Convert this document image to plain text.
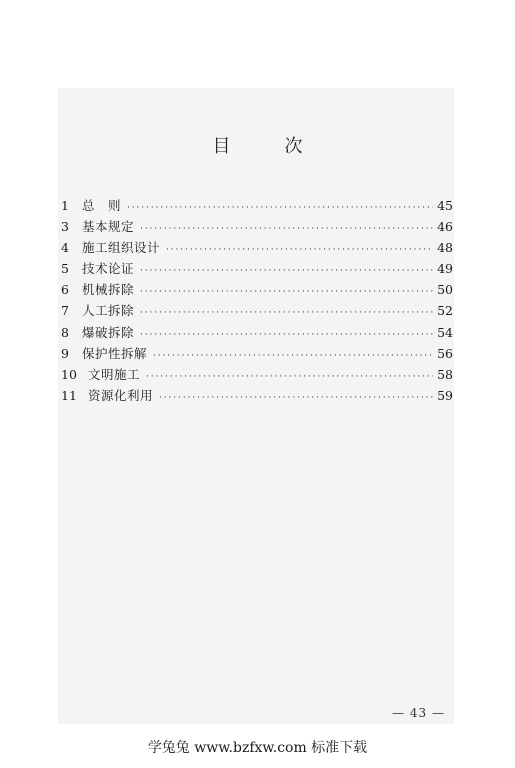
目　次
1	总　则 ·····	45
3	基本规定 ·····	46
4	施工组织设计 ·····	48
5	技术论证 ·····	49
6	机械拆除 ·····	50
7	人工拆除 ·····	52
8	爆破拆除 ·····	54
9	保护性拆解 ·····	56
10 文明施工 ·····	58
11 资源化利用 ·····	59
— 43 —
学兔兔 www.bzfxw.com 标准下载
